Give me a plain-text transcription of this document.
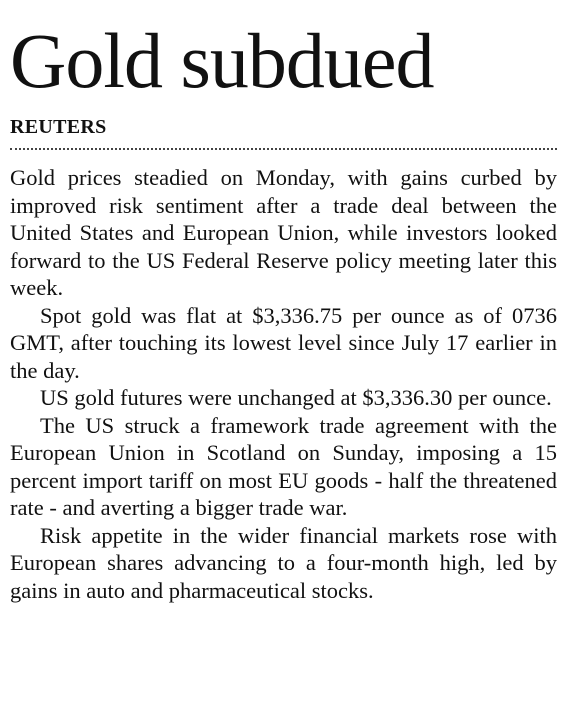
Gold subdued
REUTERS

Gold prices steadied on Monday, with gains curbed by improved risk sentiment after a trade deal between the United States and European Union, while investors looked forward to the US Federal Reserve policy meeting later this week.

Spot gold was flat at $3,336.75 per ounce as of 0736 GMT, after touching its lowest level since July 17 earlier in the day.

US gold futures were unchanged at $3,336.30 per ounce.

The US struck a framework trade agreement with the European Union in Scotland on Sunday, imposing a 15 percent import tariff on most EU goods - half the threatened rate - and averting a bigger trade war.

Risk appetite in the wider financial markets rose with European shares advancing to a four-month high, led by gains in auto and pharmaceutical stocks.
